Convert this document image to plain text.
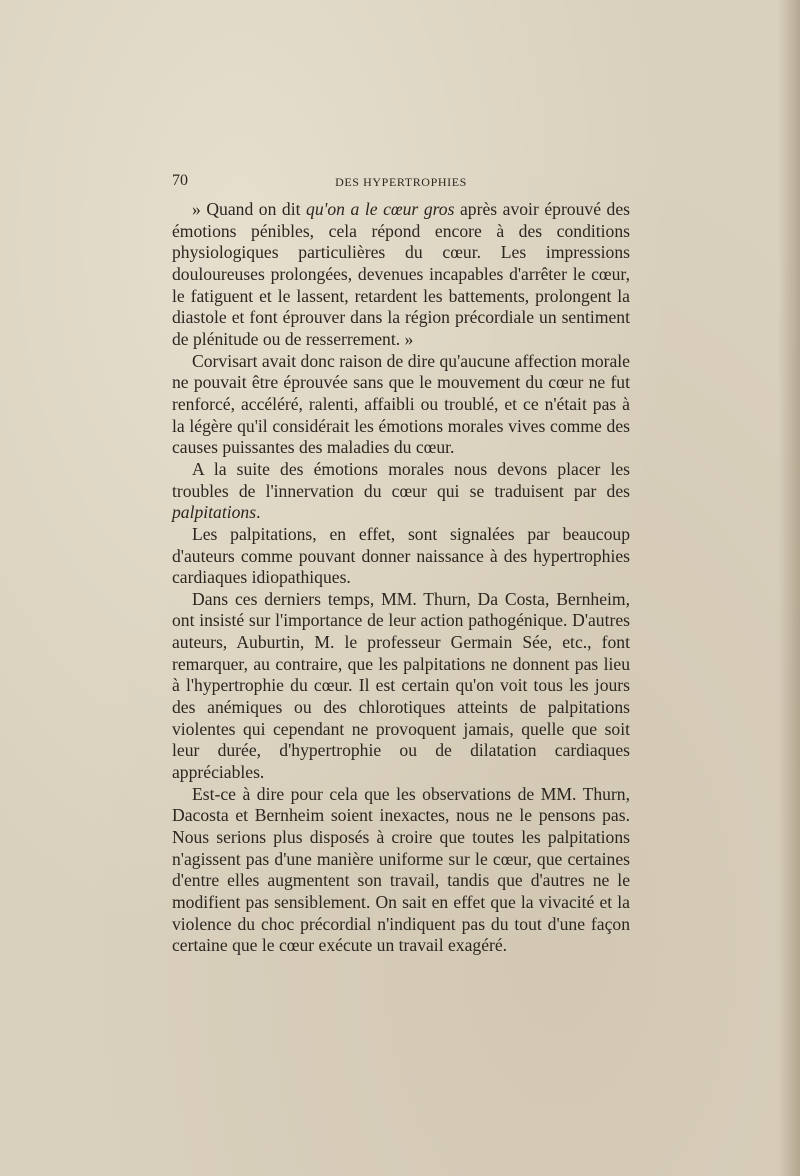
70	DES HYPERTROPHIES

» Quand on dit qu'on a le cœur gros après avoir éprouvé des émotions pénibles, cela répond encore à des conditions physiologiques particulières du cœur. Les impressions douloureuses prolongées, devenues incapables d'arrêter le cœur, le fatiguent et le lassent, retardent les battements, prolongent la diastole et font éprouver dans la région précordiale un sentiment de plénitude ou de resserrement. »

Corvisart avait donc raison de dire qu'aucune affection morale ne pouvait être éprouvée sans que le mouvement du cœur ne fut renforcé, accéléré, ralenti, affaibli ou troublé, et ce n'était pas à la légère qu'il considérait les émotions morales vives comme des causes puissantes des maladies du cœur.

A la suite des émotions morales nous devons placer les troubles de l'innervation du cœur qui se traduisent par des palpitations.

Les palpitations, en effet, sont signalées par beaucoup d'auteurs comme pouvant donner naissance à des hypertrophies cardiaques idiopathiques.

Dans ces derniers temps, MM. Thurn, Da Costa, Bernheim, ont insisté sur l'importance de leur action pathogénique. D'autres auteurs, Auburtin, M. le professeur Germain Sée, etc., font remarquer, au contraire, que les palpitations ne donnent pas lieu à l'hypertrophie du cœur. Il est certain qu'on voit tous les jours des anémiques ou des chlorotiques atteints de palpitations violentes qui cependant ne provoquent jamais, quelle que soit leur durée, d'hypertrophie ou de dilatation cardiaques appréciables.

Est-ce à dire pour cela que les observations de MM. Thurn, Dacosta et Bernheim soient inexactes, nous ne le pensons pas. Nous serions plus disposés à croire que toutes les palpitations n'agissent pas d'une manière uniforme sur le cœur, que certaines d'entre elles augmentent son travail, tandis que d'autres ne le modifient pas sensiblement. On sait en effet que la vivacité et la violence du choc précordial n'indiquent pas du tout d'une façon certaine que le cœur exécute un travail exagéré.
